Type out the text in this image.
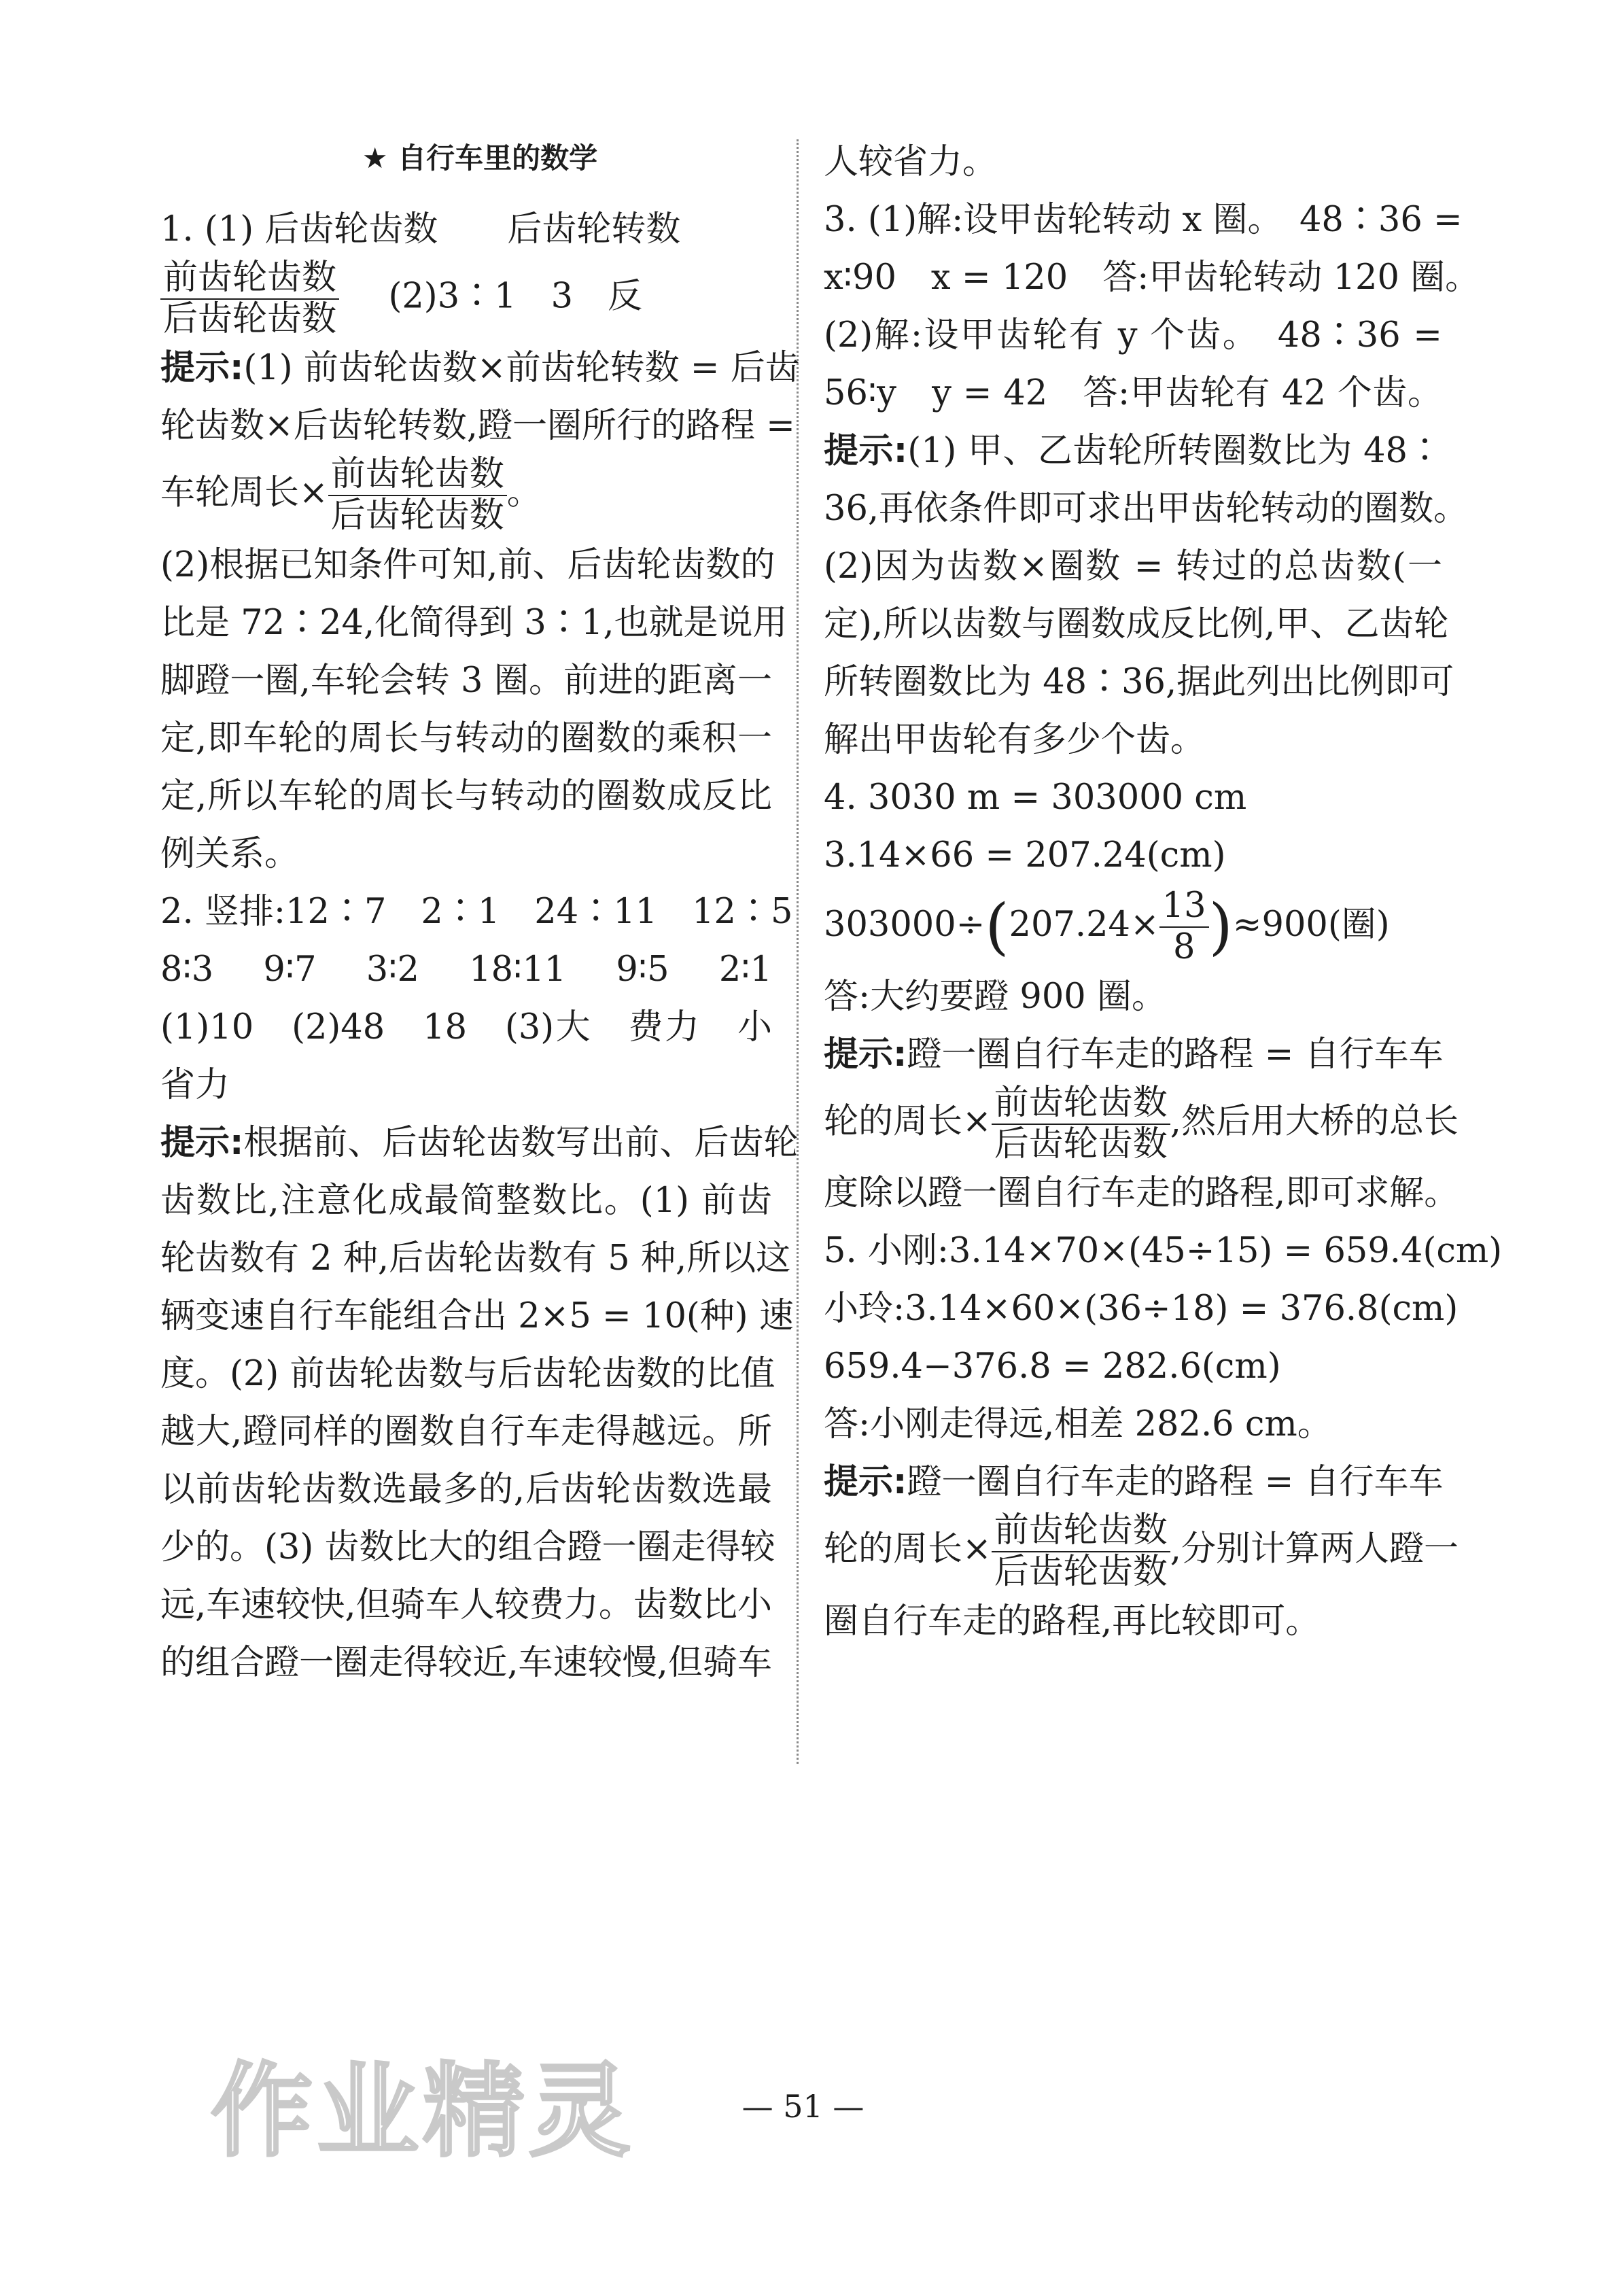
★ 自行车里的数学
1. (1) 后齿轮齿数　　后齿轮转数
$\frac{\text{前齿轮齿数}}{\text{后齿轮齿数}}$ (2)3∶1　3　反
提示:(1) 前齿轮齿数×前齿轮转数 = 后齿
轮齿数×后齿轮转数,蹬一圈所行的路程 =
车轮周长× $\frac{\text{前齿轮齿数}}{\text{后齿轮齿数}}$ 。
(2)根据已知条件可知,前、后齿轮齿数的
比是 72∶24,化简得到 3∶1,也就是说用
脚蹬一圈,车轮会转 3 圈。前进的距离一
定,即车轮的周长与转动的圈数的乘积一
定,所以车轮的周长与转动的圈数成反比
例关系。
2. 竖排:12∶7　2∶1　24∶11　12∶5
8∶3　9∶7　3∶2　18∶11　9∶5　2∶1
(1)10　(2)48　18　(3)大　费力　小
省力
提示:根据前、后齿轮齿数写出前、后齿轮
齿数比,注意化成最简整数比。(1) 前齿
轮齿数有 2 种,后齿轮齿数有 5 种,所以这
辆变速自行车能组合出 2×5 = 10(种) 速
度。(2) 前齿轮齿数与后齿轮齿数的比值
越大,蹬同样的圈数自行车走得越远。所
以前齿轮齿数选最多的,后齿轮齿数选最
少的。(3) 齿数比大的组合蹬一圈走得较
远,车速较快,但骑车人较费力。齿数比小
的组合蹬一圈走得较近,车速较慢,但骑车
人较省力。
3. (1)解:设甲齿轮转动 x 圈。　48∶36 =
x∶90　x = 120　答:甲齿轮转动 120 圈。
(2)解:设甲齿轮有 y 个齿。　48∶36 =
56∶y　y = 42　答:甲齿轮有 42 个齿。
提示:(1) 甲、乙齿轮所转圈数比为 48∶
36,再依条件即可求出甲齿轮转动的圈数。
(2)因为齿数×圈数 = 转过的总齿数(一
定),所以齿数与圈数成反比例,甲、乙齿轮
所转圈数比为 48∶36,据此列出比例即可
解出甲齿轮有多少个齿。
4. 3030 m = 303000 cm
3.14×66 = 207.24(cm)
$303000\div(207.24\times \frac{13}{8} )\approx 900$(圈)
答:大约要蹬 900 圈。
提示:蹬一圈自行车走的路程 = 自行车车
轮的周长× $\frac{\text{前齿轮齿数}}{\text{后齿轮齿数}}$ ,然后用大桥的总长
度除以蹬一圈自行车走的路程,即可求解。
5. 小刚:3.14×70×(45÷15) = 659.4(cm)
小玲:3.14×60×(36÷18) = 376.8(cm)
659.4−376.8 = 282.6(cm)
答:小刚走得远,相差 282.6 cm。
提示:蹬一圈自行车走的路程 = 自行车车
轮的周长× $\frac{\text{前齿轮齿数}}{\text{后齿轮齿数}}$ ,分别计算两人蹬一
圈自行车走的路程,再比较即可。
作业精灵	— 51 —
